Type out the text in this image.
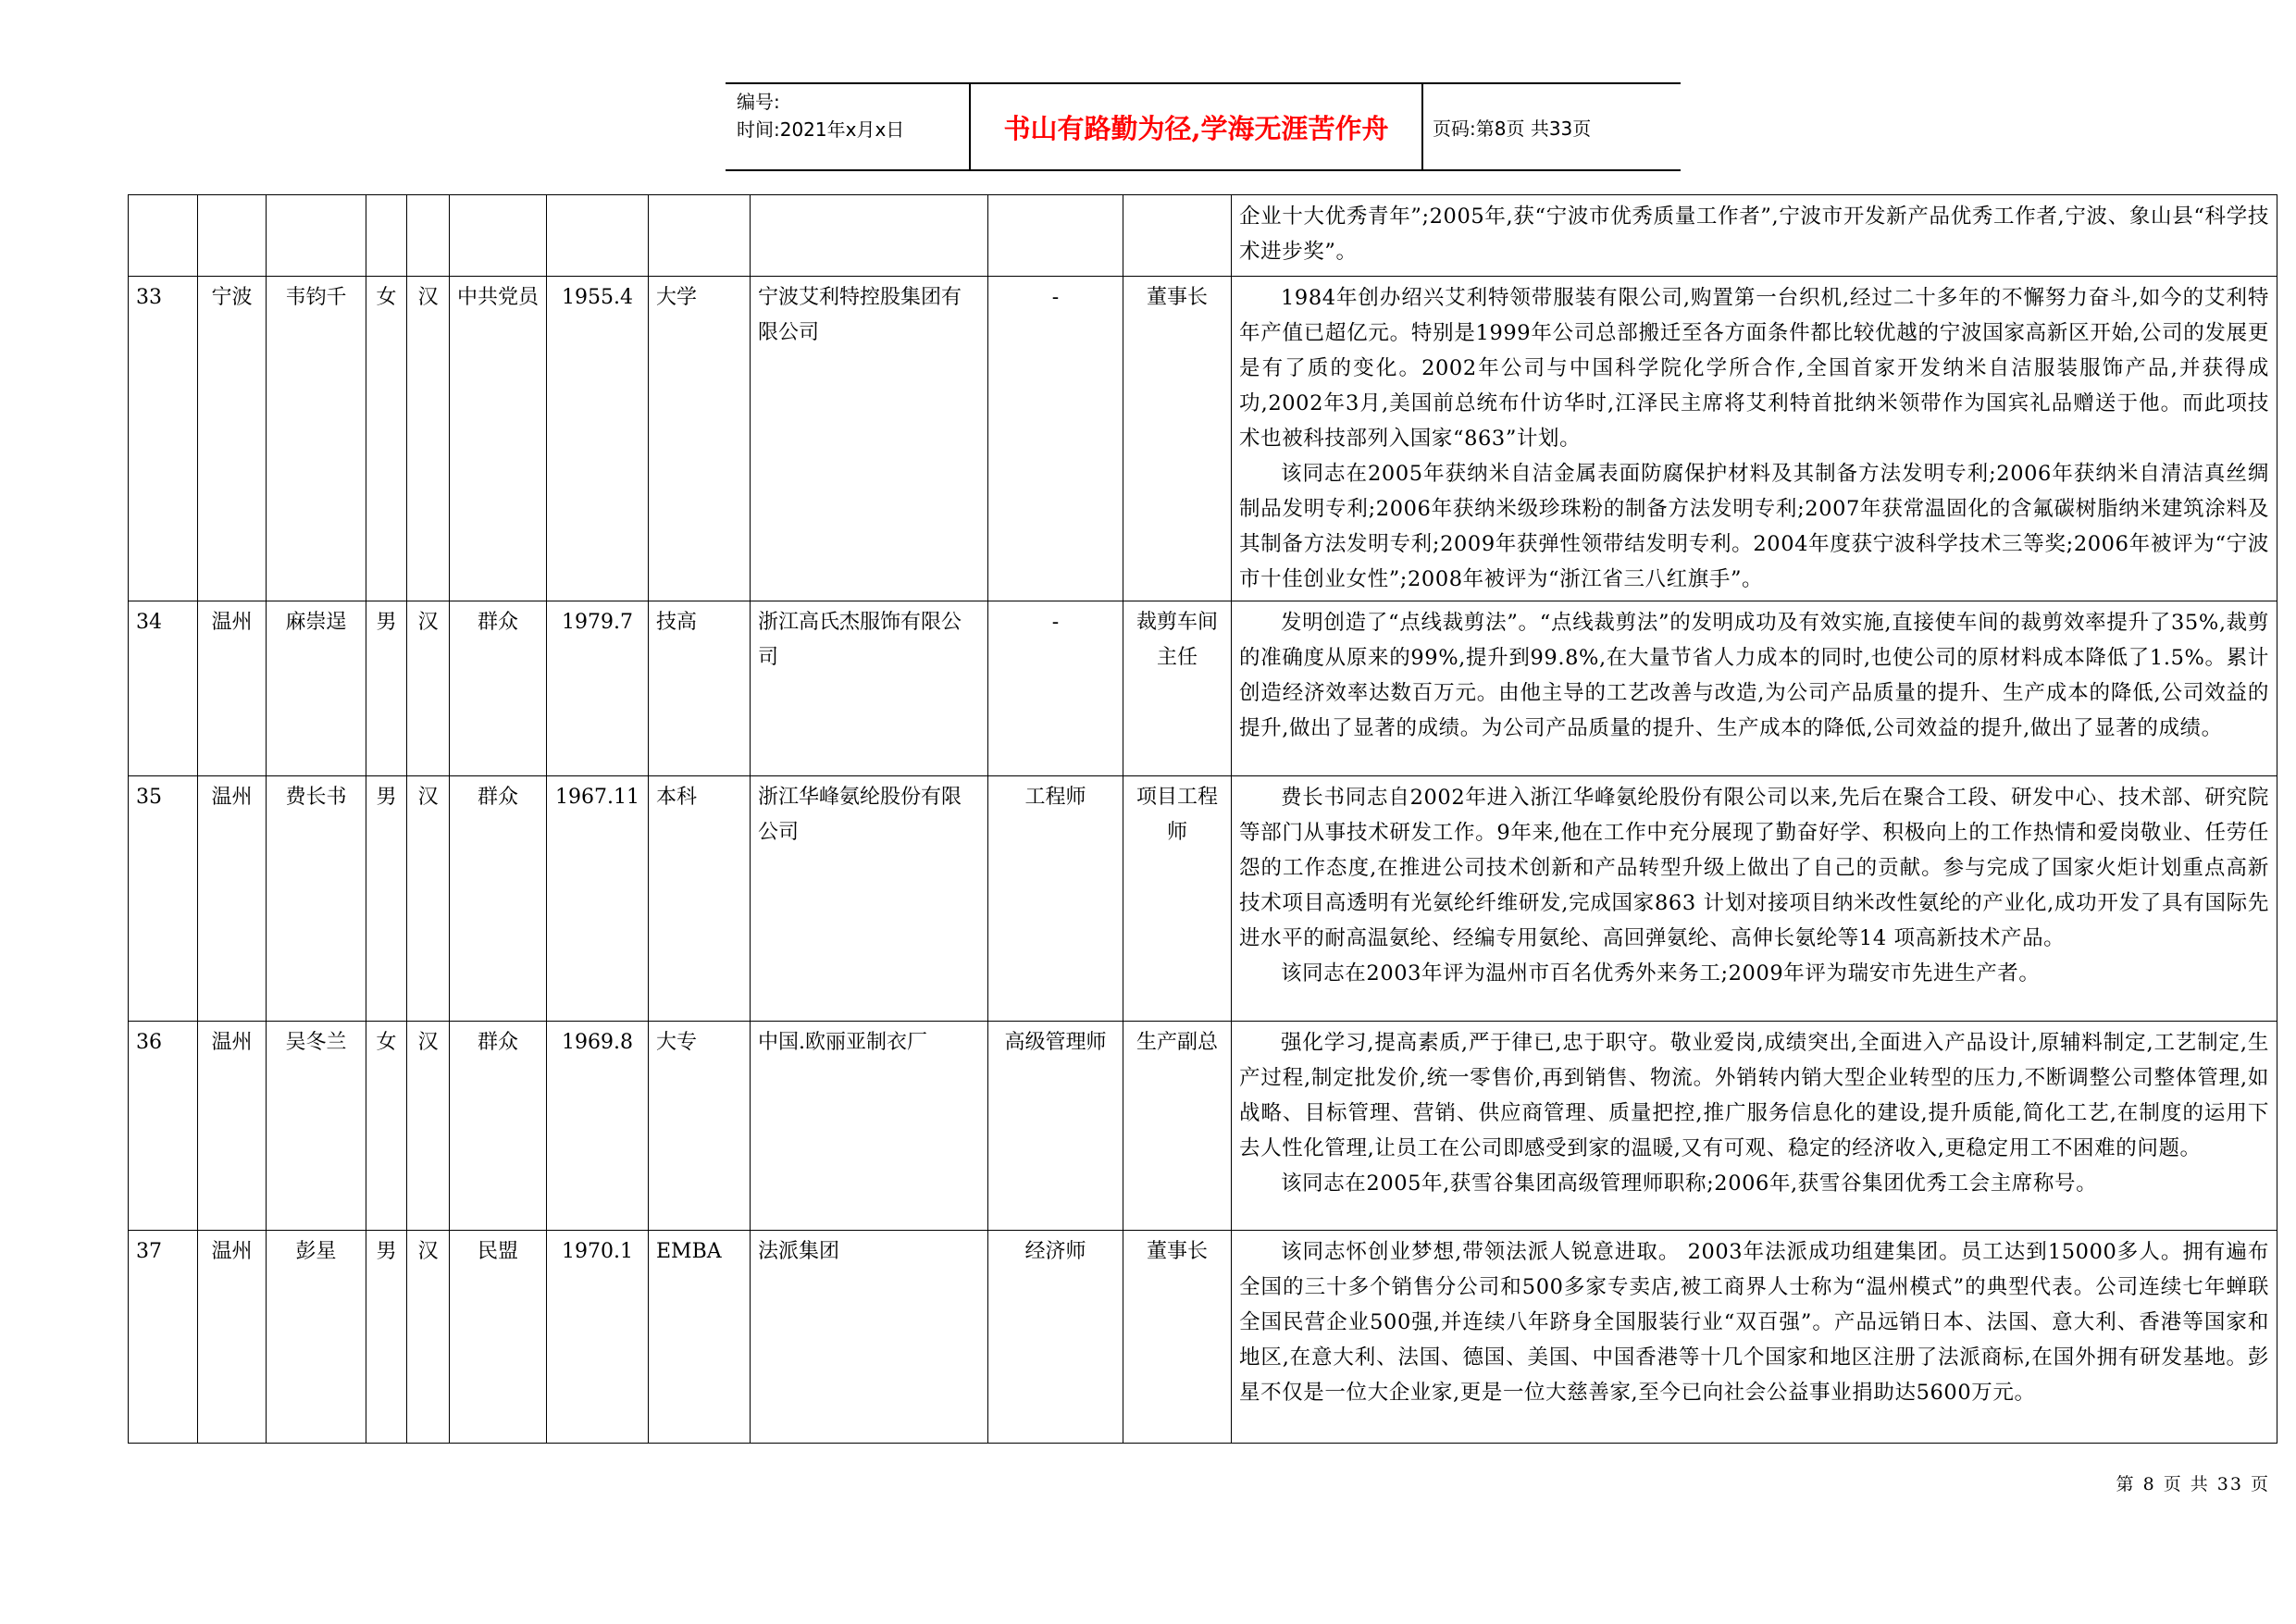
编号:
时间:2021年x月x日	书山有路勤为径,学海无涯苦作舟	页码:第8页 共33页

											企业十大优秀青年”;2005年,获“宁波市优秀质量工作者”,宁波市开发新产品优秀工作者,宁波、象山县“科学技术进步奖”。

33	宁波	韦钧千	女	汉	中共党员	1955.4	大学	宁波艾利特控股集团有限公司	-	董事长	1984年创办绍兴艾利特领带服装有限公司,购置第一台织机,经过二十多年的不懈努力奋斗,如今的艾利特年产值已超亿元。特别是1999年公司总部搬迁至各方面条件都比较优越的宁波国家高新区开始,公司的发展更是有了质的变化。2002年公司与中国科学院化学所合作,全国首家开发纳米自洁服装服饰产品,并获得成功,2002年3月,美国前总统布什访华时,江泽民主席将艾利特首批纳米领带作为国宾礼品赠送于他。而此项技术也被科技部列入国家“863”计划。

该同志在2005年获纳米自洁金属表面防腐保护材料及其制备方法发明专利;2006年获纳米自清洁真丝绸制品发明专利;2006年获纳米级珍珠粉的制备方法发明专利;2007年获常温固化的含氟碳树脂纳米建筑涂料及其制备方法发明专利;2009年获弹性领带结发明专利。2004年度获宁波科学技术三等奖;2006年被评为“宁波市十佳创业女性”;2008年被评为“浙江省三八红旗手”。

34	温州	麻崇逞	男	汉	群众	1979.7	技高	浙江高氏杰服饰有限公司	-	裁剪车间主任	发明创造了“点线裁剪法”。“点线裁剪法”的发明成功及有效实施,直接使车间的裁剪效率提升了35%,裁剪的准确度从原来的99%,提升到99.8%,在大量节省人力成本的同时,也使公司的原材料成本降低了1.5%。累计创造经济效率达数百万元。由他主导的工艺改善与改造,为公司产品质量的提升、生产成本的降低,公司效益的提升,做出了显著的成绩。为公司产品质量的提升、生产成本的降低,公司效益的提升,做出了显著的成绩。

35	温州	费长书	男	汉	群众	1967.11	本科	浙江华峰氨纶股份有限公司	工程师	项目工程师	费长书同志自2002年进入浙江华峰氨纶股份有限公司以来,先后在聚合工段、研发中心、技术部、研究院等部门从事技术研发工作。9年来,他在工作中充分展现了勤奋好学、积极向上的工作热情和爱岗敬业、任劳任怨的工作态度,在推进公司技术创新和产品转型升级上做出了自己的贡献。参与完成了国家火炬计划重点高新技术项目高透明有光氨纶纤维研发,完成国家863 计划对接项目纳米改性氨纶的产业化,成功开发了具有国际先进水平的耐高温氨纶、经编专用氨纶、高回弹氨纶、高伸长氨纶等14 项高新技术产品。

该同志在2003年评为温州市百名优秀外来务工;2009年评为瑞安市先进生产者。

36	温州	吴冬兰	女	汉	群众	1969.8	大专	中国.欧丽亚制衣厂	高级管理师	生产副总	强化学习,提高素质,严于律已,忠于职守。敬业爱岗,成绩突出,全面进入产品设计,原辅料制定,工艺制定,生产过程,制定批发价,统一零售价,再到销售、物流。外销转内销大型企业转型的压力,不断调整公司整体管理,如战略、目标管理、营销、供应商管理、质量把控,推广服务信息化的建设,提升质能,简化工艺,在制度的运用下去人性化管理,让员工在公司即感受到家的温暖,又有可观、稳定的经济收入,更稳定用工不困难的问题。

该同志在2005年,获雪谷集团高级管理师职称;2006年,获雪谷集团优秀工会主席称号。

37	温州	彭星	男	汉	民盟	1970.1	EMBA	法派集团	经济师	董事长	该同志怀创业梦想,带领法派人锐意进取。 2003年法派成功组建集团。员工达到15000多人。拥有遍布全国的三十多个销售分公司和500多家专卖店,被工商界人士称为“温州模式”的典型代表。公司连续七年蝉联全国民营企业500强,并连续八年跻身全国服装行业“双百强”。产品远销日本、法国、意大利、香港等国家和地区,在意大利、法国、德国、美国、中国香港等十几个国家和地区注册了法派商标,在国外拥有研发基地。彭星不仅是一位大企业家,更是一位大慈善家,至今已向社会公益事业捐助达5600万元。

第 8 页 共 33 页
